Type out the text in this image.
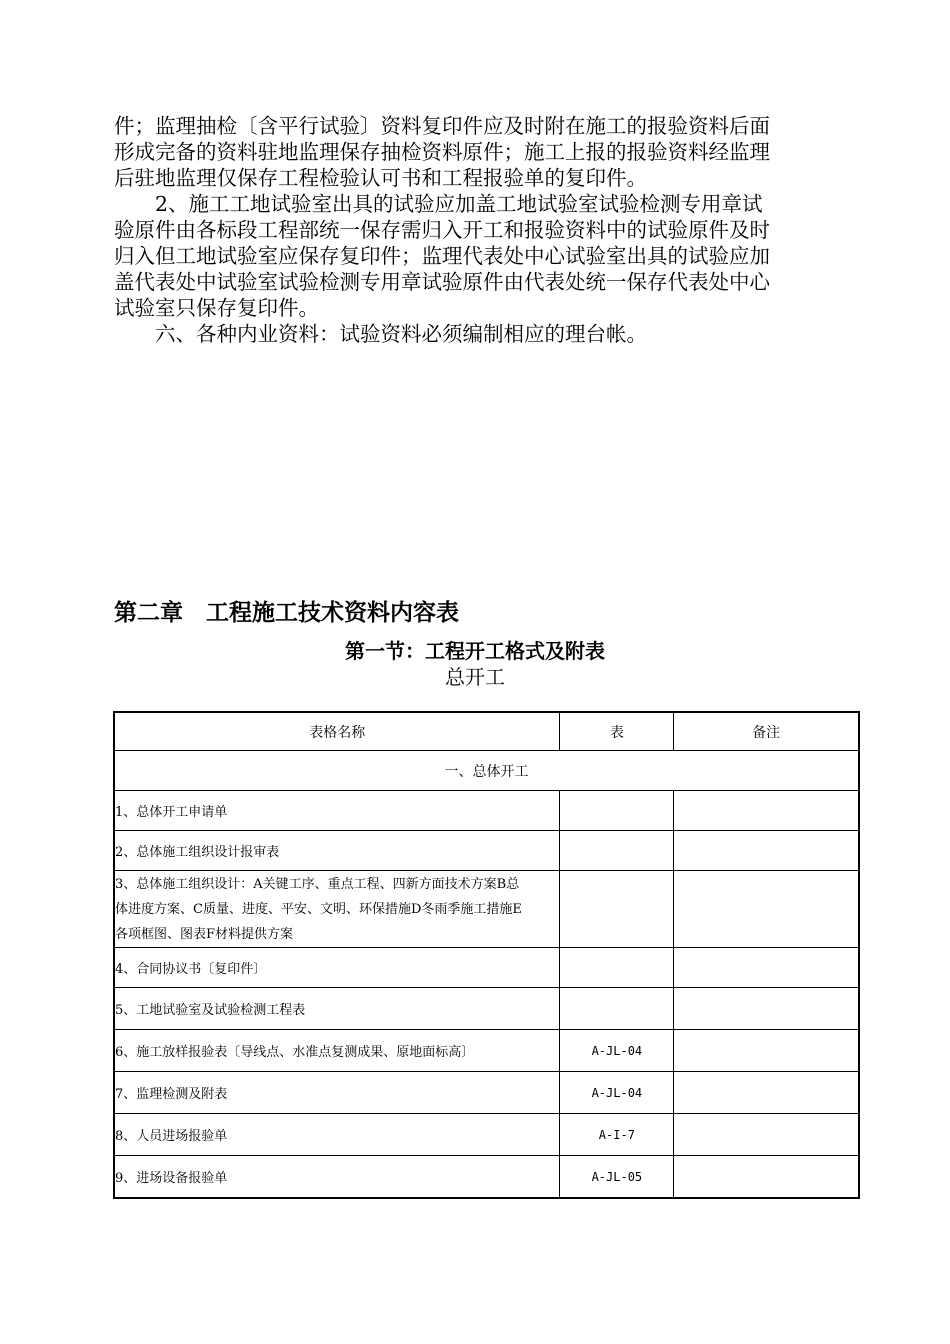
件；监理抽检〔含平行试验〕资料复印件应及时附在施工的报验资料后面
形成完备的资料驻地监理保存抽检资料原件；施工上报的报验资料经监理
后驻地监理仅保存工程检验认可书和工程报验单的复印件。
　　2、施工工地试验室出具的试验应加盖工地试验室试验检测专用章试
验原件由各标段工程部统一保存需归入开工和报验资料中的试验原件及时
归入但工地试验室应保存复印件；监理代表处中心试验室出具的试验应加
盖代表处中试验室试验检测专用章试验原件由代表处统一保存代表处中心
试验室只保存复印件。
　　六、各种内业资料：试验资料必须编制相应的理台帐。
第二章　工程施工技术资料内容表
第一节：工程开工格式及附表
总开工
表格名称	表	备注
一、总体开工		
1、总体开工申请单		
2、总体施工组织设计报审表		

3、总体施工组织设计：A关键工序、重点工程、四新方面技术方案B总
体进度方案、C质量、进度、平安、文明、环保措施D冬雨季施工措施E
各项框图、图表F材料提供方案		

4、合同协议书〔复印件〕		
5、工地试验室及试验检测工程表		
6、施工放样报验表〔导线点、水准点复测成果、原地面标高〕	A-JL-04	
7、监理检测及附表	A-JL-04	
8、人员进场报验单	A-I-7	
9、进场设备报验单	A-JL-05	
